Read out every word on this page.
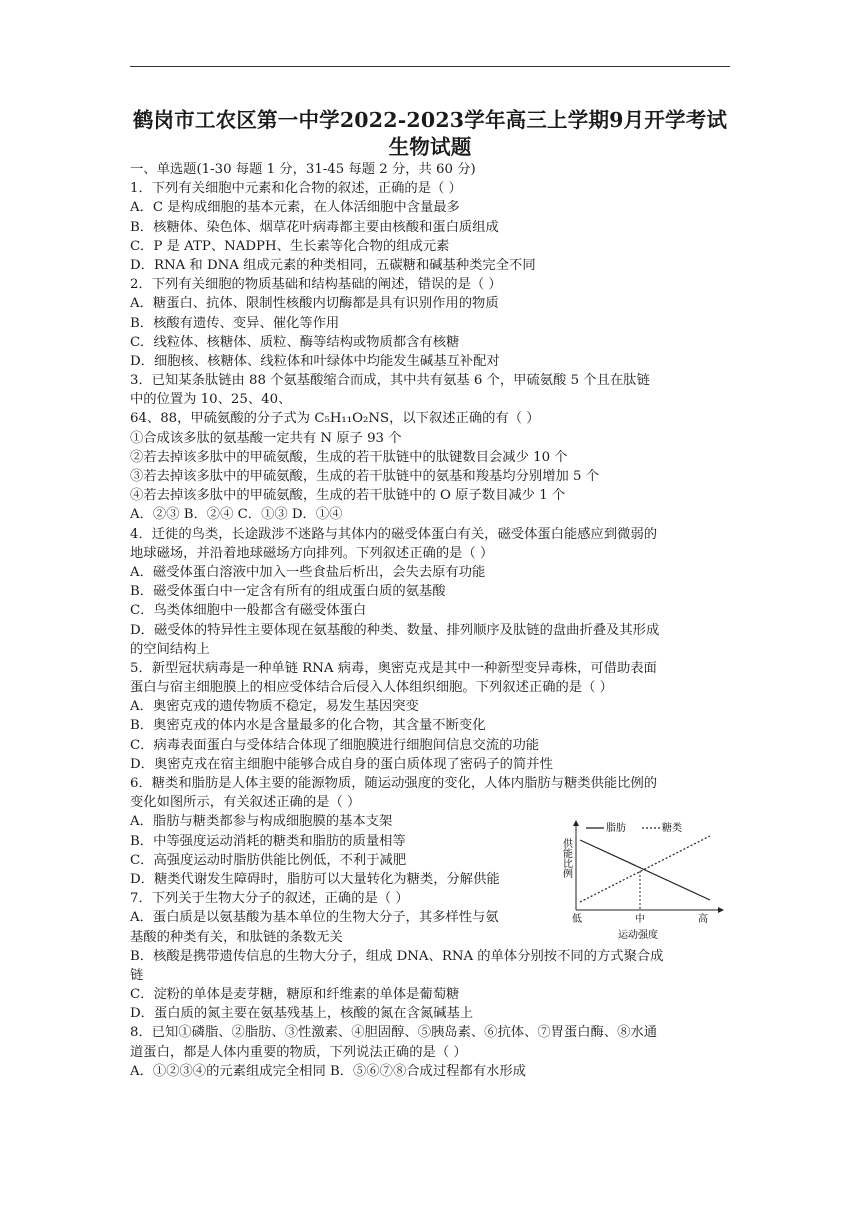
鹤岗市工农区第一中学2022-2023学年高三上学期9月开学考试
生物试题
一、单选题(1-30 每题 1 分，31-45 每题 2 分，共 60 分)
1．下列有关细胞中元素和化合物的叙述，正确的是（ ）
A．C 是构成细胞的基本元素，在人体活细胞中含量最多
B．核糖体、染色体、烟草花叶病毒都主要由核酸和蛋白质组成
C．P 是 ATP、NADPH、生长素等化合物的组成元素
D．RNA 和 DNA 组成元素的种类相同，五碳糖和碱基种类完全不同
2．下列有关细胞的物质基础和结构基础的阐述，错误的是（ ）
A．糖蛋白、抗体、限制性核酸内切酶都是具有识别作用的物质
B．核酸有遗传、变异、催化等作用
C．线粒体、核糖体、质粒、酶等结构或物质都含有核糖
D．细胞核、核糖体、线粒体和叶绿体中均能发生碱基互补配对
3．已知某条肽链由 88 个氨基酸缩合而成，其中共有氨基 6 个，甲硫氨酸 5 个且在肽链
中的位置为 10、25、40、
64、88，甲硫氨酸的分子式为 C₅H₁₁O₂NS，以下叙述正确的有（ ）
①合成该多肽的氨基酸一定共有 N 原子 93 个
②若去掉该多肽中的甲硫氨酸，生成的若干肽链中的肽键数目会减少 10 个
③若去掉该多肽中的甲硫氨酸，生成的若干肽链中的氨基和羧基均分别增加 5 个
④若去掉该多肽中的甲硫氨酸，生成的若干肽链中的 O 原子数目减少 1 个
A．②③ B．②④ C．①③ D．①④
4．迁徙的鸟类，长途跋涉不迷路与其体内的磁受体蛋白有关，磁受体蛋白能感应到微弱的
地球磁场，并沿着地球磁场方向排列。下列叙述正确的是（ ）
A．磁受体蛋白溶液中加入一些食盐后析出，会失去原有功能
B．磁受体蛋白中一定含有所有的组成蛋白质的氨基酸
C．鸟类体细胞中一般都含有磁受体蛋白
D．磁受体的特异性主要体现在氨基酸的种类、数量、排列顺序及肽链的盘曲折叠及其形成
的空间结构上
5．新型冠状病毒是一种单链 RNA 病毒，奥密克戎是其中一种新型变异毒株，可借助表面
蛋白与宿主细胞膜上的相应受体结合后侵入人体组织细胞。下列叙述正确的是（ ）
A．奥密克戎的遗传物质不稳定，易发生基因突变
B．奥密克戎的体内水是含量最多的化合物，其含量不断变化
C．病毒表面蛋白与受体结合体现了细胞膜进行细胞间信息交流的功能
D．奥密克戎在宿主细胞中能够合成自身的蛋白质体现了密码子的简并性
6．糖类和脂肪是人体主要的能源物质，随运动强度的变化，人体内脂肪与糖类供能比例的
变化如图所示，有关叙述正确的是（ ）
A．脂肪与糖类都参与构成细胞膜的基本支架
B．中等强度运动消耗的糖类和脂肪的质量相等
C．高强度运动时脂肪供能比例低，不利于减肥
D．糖类代谢发生障碍时，脂肪可以大量转化为糖类，分解供能
7．下列关于生物大分子的叙述，正确的是（ ）
A．蛋白质是以氨基酸为基本单位的生物大分子，其多样性与氨
基酸的种类有关，和肽链的条数无关
B．核酸是携带遗传信息的生物大分子，组成 DNA、RNA 的单体分别按不同的方式聚合成
链
C．淀粉的单体是麦芽糖，糖原和纤维素的单体是葡萄糖
D．蛋白质的氮主要在氨基残基上，核酸的氮在含氮碱基上
8．已知①磷脂、②脂肪、③性激素、④胆固醇、⑤胰岛素、⑥抗体、⑦胃蛋白酶、⑧水通
道蛋白，都是人体内重要的物质，下列说法正确的是（ ）
A．①②③④的元素组成完全相同 B．⑤⑥⑦⑧合成过程都有水形成
供能比例
脂肪	糖类
低	中	高
运动强度
